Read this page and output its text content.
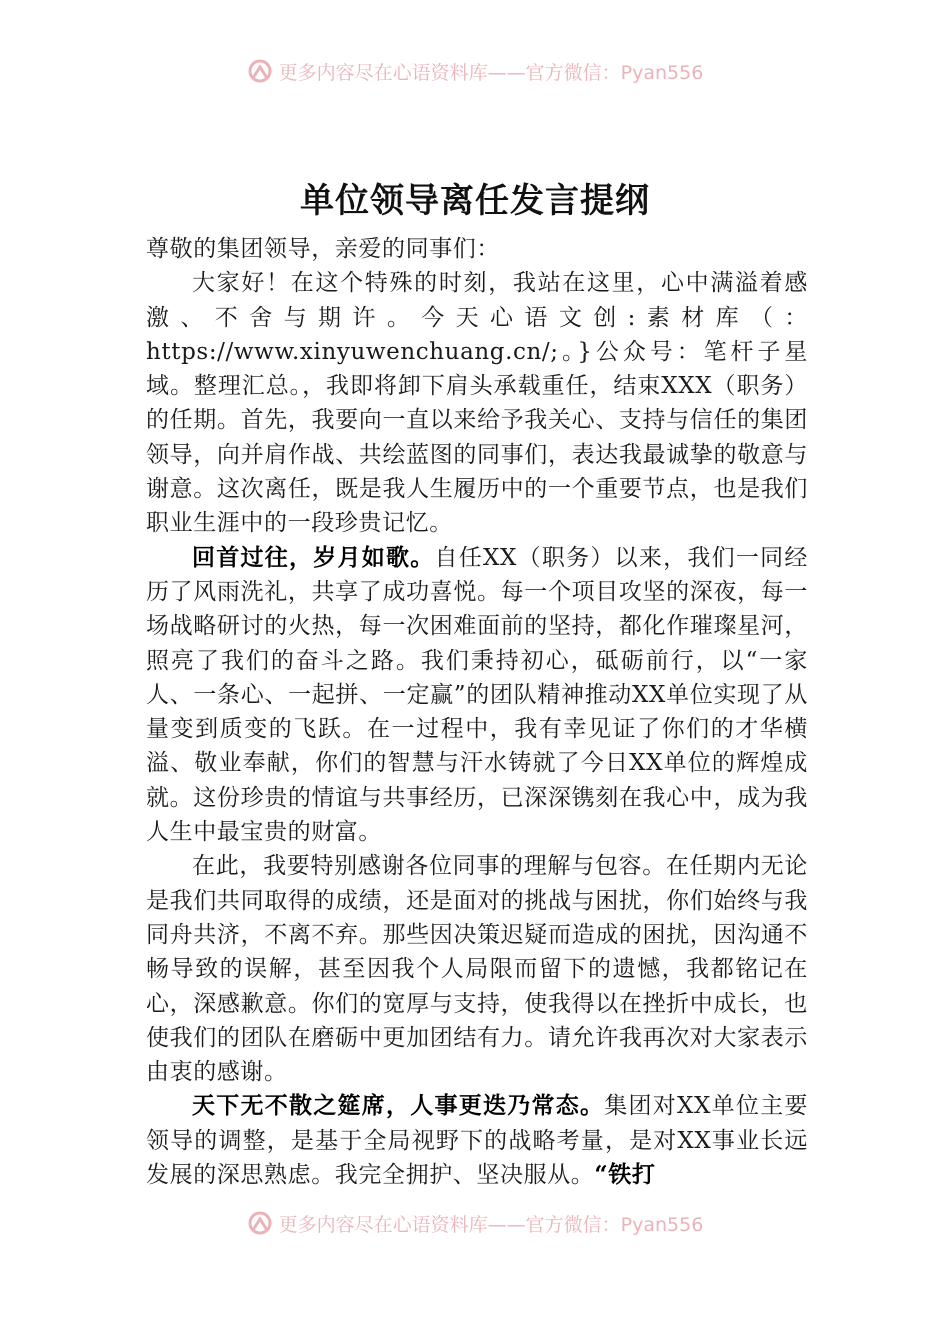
更多内容尽在心语资料库——官方微信：Pyan556
单位领导离任发言提纲

尊敬的集团领导，亲爱的同事们：

大家好！在这个特殊的时刻，我站在这里，心中满溢着感激、不舍与期许。今天心语文创:素材库（：https://www.xinyuwenchuang.cn/;。}公众号：笔杆子星域。整理汇总。，我即将卸下肩头承载重任，结束XXX（职务）的任期。首先，我要向一直以来给予我关心、支持与信任的集团领导，向并肩作战、共绘蓝图的同事们，表达我最诚挚的敬意与谢意。这次离任，既是我人生履历中的一个重要节点，也是我们职业生涯中的一段珍贵记忆。

回首过往，岁月如歌。自任XX（职务）以来，我们一同经历了风雨洗礼，共享了成功喜悦。每一个项目攻坚的深夜，每一场战略研讨的火热，每一次困难面前的坚持，都化作璀璨星河，照亮了我们的奋斗之路。我们秉持初心，砥砺前行，以“一家人、一条心、一起拼、一定赢”的团队精神推动XX单位实现了从量变到质变的飞跃。在一过程中，我有幸见证了你们的才华横溢、敬业奉献，你们的智慧与汗水铸就了今日XX单位的辉煌成就。这份珍贵的情谊与共事经历，已深深镌刻在我心中，成为我人生中最宝贵的财富。

在此，我要特别感谢各位同事的理解与包容。在任期内无论是我们共同取得的成绩，还是面对的挑战与困扰，你们始终与我同舟共济，不离不弃。那些因决策迟疑而造成的困扰，因沟通不畅导致的误解，甚至因我个人局限而留下的遗憾，我都铭记在心，深感歉意。你们的宽厚与支持，使我得以在挫折中成长，也使我们的团队在磨砺中更加团结有力。请允许我再次对大家表示由衷的感谢。

天下无不散之筵席，人事更迭乃常态。集团对XX单位主要领导的调整，是基于全局视野下的战略考量，是对XX事业长远发展的深思熟虑。我完全拥护、坚决服从。“铁打

更多内容尽在心语资料库——官方微信：Pyan556
